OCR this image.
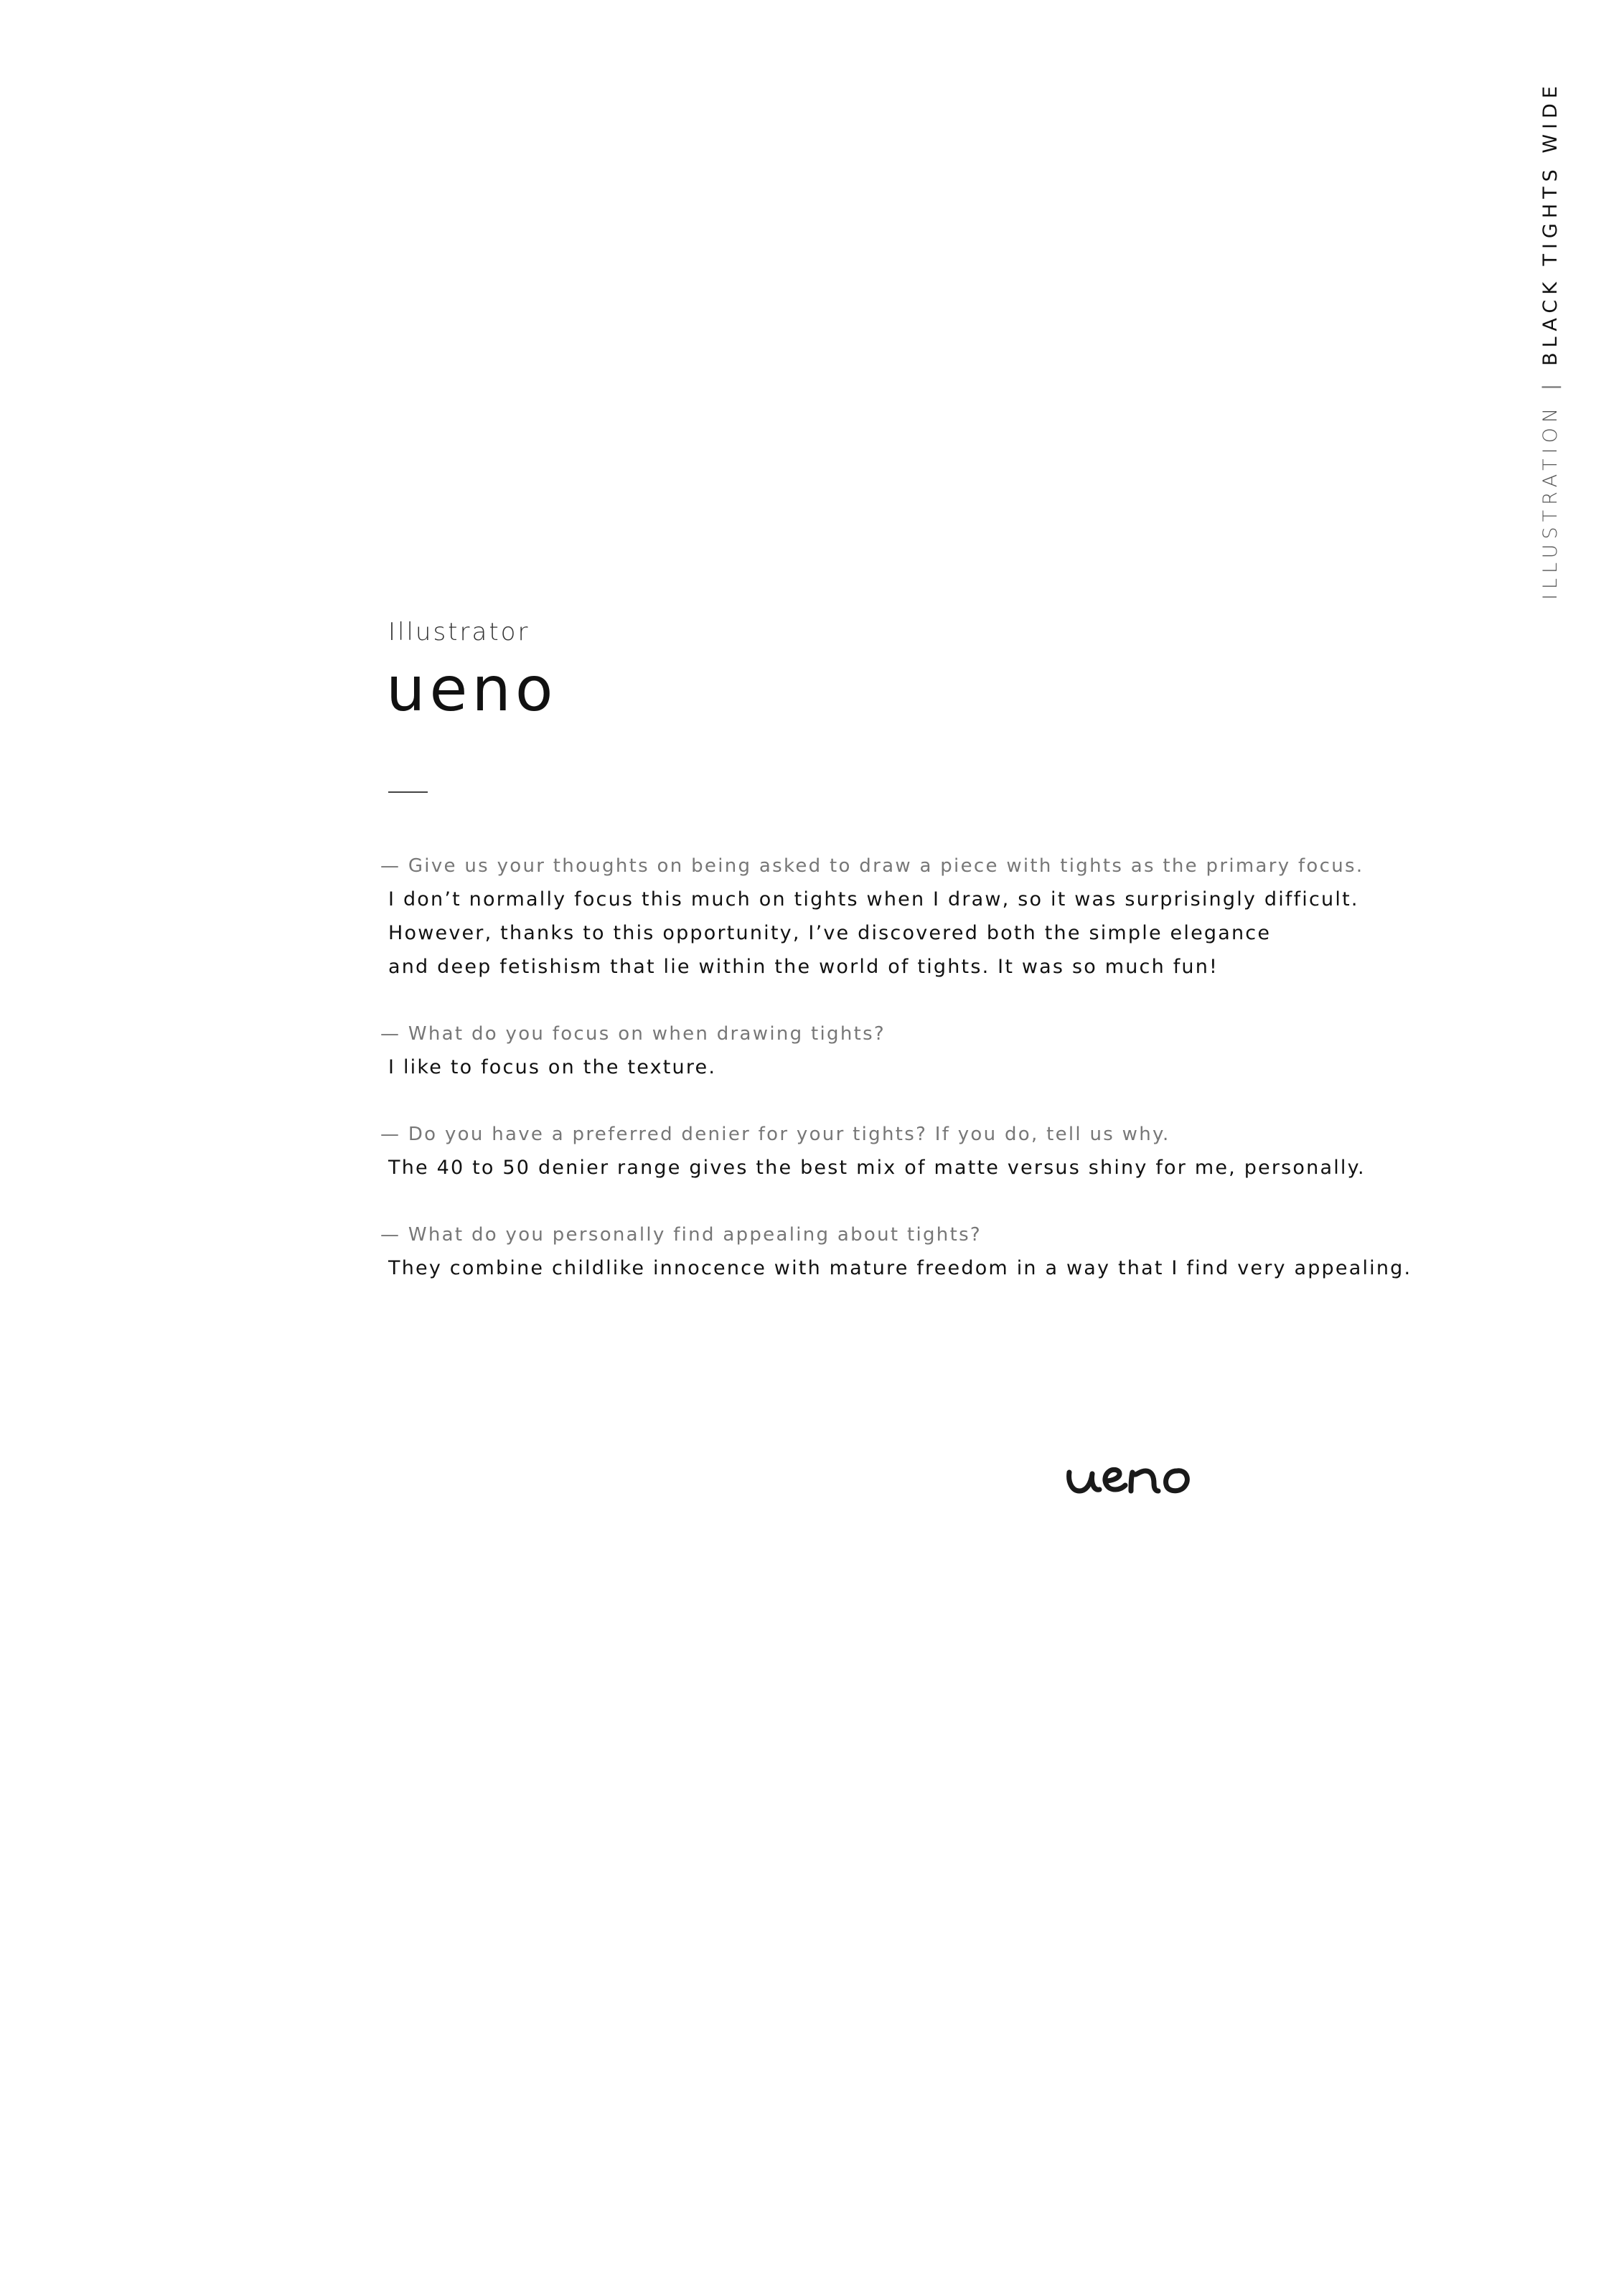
ILLUSTRATION|BLACK TIGHTS WIDE
Illustrator
ueno
— Give us your thoughts on being asked to draw a piece with tights as the primary focus.
I don’t normally focus this much on tights when I draw, so it was surprisingly difficult.
However, thanks to this opportunity, I’ve discovered both the simple elegance
and deep fetishism that lie within the world of tights. It was so much fun!
— What do you focus on when drawing tights?
I like to focus on the texture.
— Do you have a preferred denier for your tights? If you do, tell us why.
The 40 to 50 denier range gives the best mix of matte versus shiny for me, personally.
— What do you personally find appealing about tights?
They combine childlike innocence with mature freedom in a way that I find very appealing.
